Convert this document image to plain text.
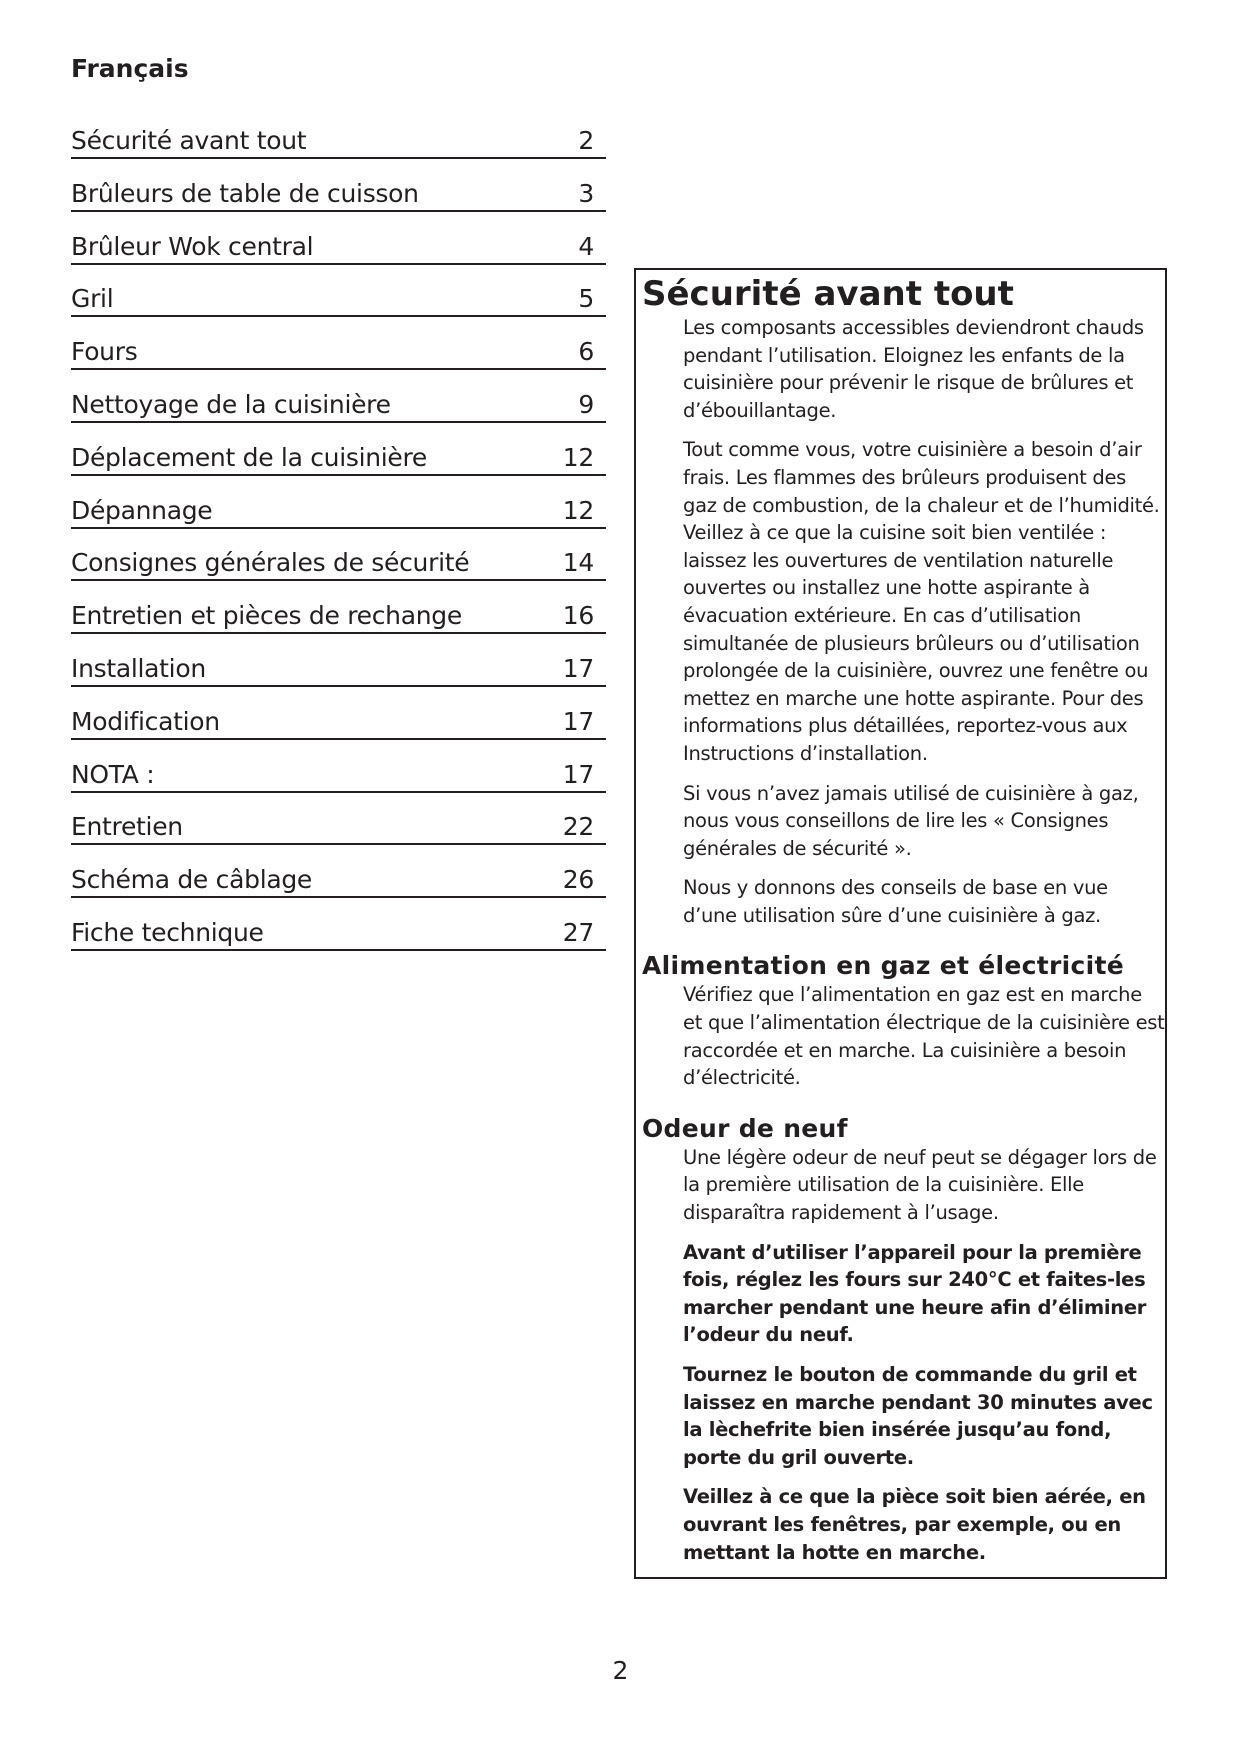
Français
Sécurité avant tout	2
Brûleurs de table de cuisson	3
Brûleur Wok central	4
Gril	5
Fours	6
Nettoyage de la cuisinière	9
Déplacement de la cuisinière	12
Dépannage	12
Consignes générales de sécurité	14
Entretien et pièces de rechange	16
Installation	17
Modification	17
NOTA :	17
Entretien	22
Schéma de câblage	26
Fiche technique	27
Sécurité avant tout

Les composants accessibles deviendront chauds pendant l’utilisation. Eloignez les enfants de la cuisinière pour prévenir le risque de brûlures et d’ébouillantage.

Tout comme vous, votre cuisinière a besoin d’air frais. Les flammes des brûleurs produisent des gaz de combustion, de la chaleur et de l’humidité. Veillez à ce que la cuisine soit bien ventilée : laissez les ouvertures de ventilation naturelle ouvertes ou installez une hotte aspirante à évacuation extérieure. En cas d’utilisation simultanée de plusieurs brûleurs ou d’utilisation prolongée de la cuisinière, ouvrez une fenêtre ou mettez en marche une hotte aspirante. Pour des informations plus détaillées, reportez-vous aux Instructions d’installation.

Si vous n’avez jamais utilisé de cuisinière à gaz, nous vous conseillons de lire les « Consignes générales de sécurité ».

Nous y donnons des conseils de base en vue d’une utilisation sûre d’une cuisinière à gaz.

Alimentation en gaz et électricité

Vérifiez que l’alimentation en gaz est en marche et que l’alimentation électrique de la cuisinière est raccordée et en marche. La cuisinière a besoin d’électricité.

Odeur de neuf

Une légère odeur de neuf peut se dégager lors de la première utilisation de la cuisinière. Elle disparaîtra rapidement à l’usage.

Avant d’utiliser l’appareil pour la première fois, réglez les fours sur 240°C et faites-les marcher pendant une heure afin d’éliminer l’odeur du neuf.

Tournez le bouton de commande du gril et laissez en marche pendant 30 minutes avec la lèchefrite bien insérée jusqu’au fond, porte du gril ouverte.

Veillez à ce que la pièce soit bien aérée, en ouvrant les fenêtres, par exemple, ou en mettant la hotte en marche.

2
